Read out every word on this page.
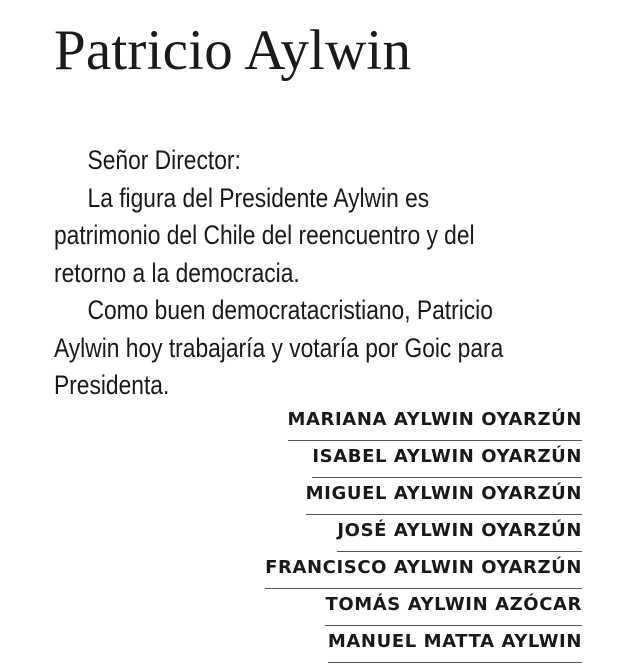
Patricio Aylwin

Señor Director:

La figura del Presidente Aylwin es patrimonio del Chile del reencuentro y del retorno a la democracia.

Como buen democratacristiano, Patricio Aylwin hoy trabajaría y votaría por Goic para Presidenta.

MARIANA AYLWIN OYARZÚN
ISABEL AYLWIN OYARZÚN
MIGUEL AYLWIN OYARZÚN
JOSÉ AYLWIN OYARZÚN
FRANCISCO AYLWIN OYARZÚN
TOMÁS AYLWIN AZÓCAR
MANUEL MATTA AYLWIN
